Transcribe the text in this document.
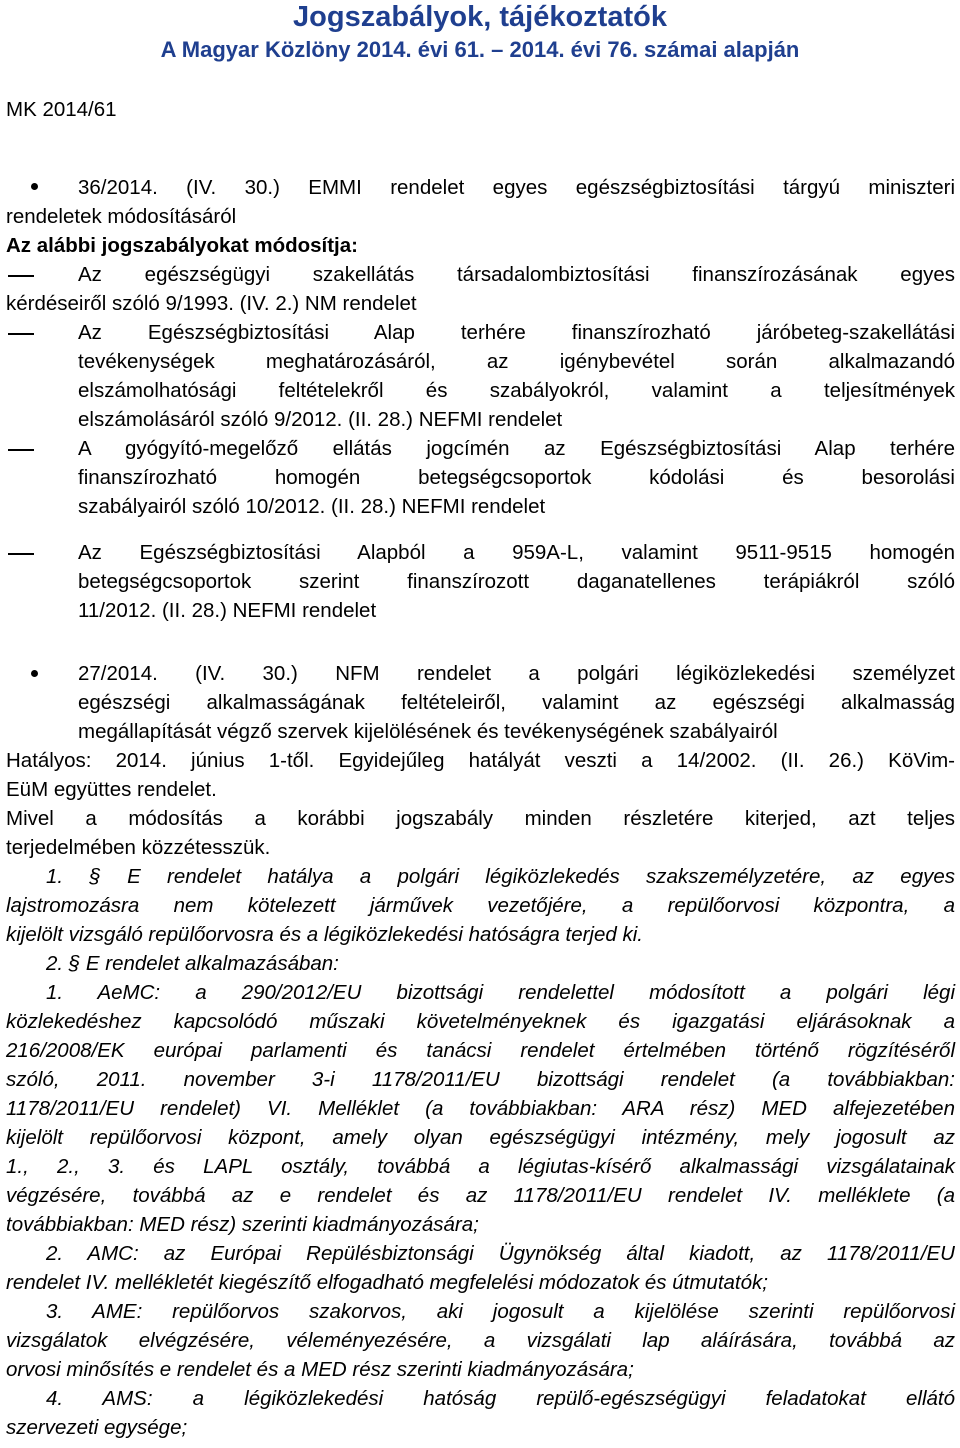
Jogszabályok, tájékoztatók
A Magyar Közlöny 2014. évi 61. – 2014. évi 76. számai alapján
MK 2014/61
36/2014. (IV. 30.) EMMI rendelet egyes egészségbiztosítási tárgyú miniszteri
rendeletek módosításáról
Az alábbi jogszabályokat módosítja:
Az egészségügyi szakellátás társadalombiztosítási finanszírozásának egyes
kérdéseiről szóló 9/1993. (IV. 2.) NM rendelet
Az Egészségbiztosítási Alap terhére finanszírozható járóbeteg-szakellátási
tevékenységek meghatározásáról, az igénybevétel során alkalmazandó
elszámolhatósági feltételekről és szabályokról, valamint a teljesítmények
elszámolásáról szóló 9/2012. (II. 28.) NEFMI rendelet
A gyógyító-megelőző ellátás jogcímén az Egészségbiztosítási Alap terhére
finanszírozható homogén betegségcsoportok kódolási és besorolási
szabályairól szóló 10/2012. (II. 28.) NEFMI rendelet
Az Egészségbiztosítási Alapból a 959A-L, valamint 9511-9515 homogén
betegségcsoportok szerint finanszírozott daganatellenes terápiákról szóló
11/2012. (II. 28.) NEFMI rendelet
27/2014. (IV. 30.) NFM rendelet a polgári légiközlekedési személyzet
egészségi alkalmasságának feltételeiről, valamint az egészségi alkalmasság
megállapítását végző szervek kijelölésének és tevékenységének szabályairól
Hatályos: 2014. június 1-től. Egyidejűleg hatályát veszti a 14/2002. (II. 26.) KöVim-
EüM együttes rendelet.
Mivel a módosítás a korábbi jogszabály minden részletére kiterjed, azt teljes
terjedelmében közzétesszük.
1. § E rendelet hatálya a polgári légiközlekedés szakszemélyzetére, az egyes
lajstromozásra nem kötelezett járművek vezetőjére, a repülőorvosi központra, a
kijelölt vizsgáló repülőorvosra és a légiközlekedési hatóságra terjed ki.
2. § E rendelet alkalmazásában:
1. AeMC: a 290/2012/EU bizottsági rendelettel módosított a polgári légi
közlekedéshez kapcsolódó műszaki követelményeknek és igazgatási eljárásoknak a
216/2008/EK európai parlamenti és tanácsi rendelet értelmében történő rögzítéséről
szóló, 2011. november 3-i 1178/2011/EU bizottsági rendelet (a továbbiakban:
1178/2011/EU rendelet) VI. Melléklet (a továbbiakban: ARA rész) MED alfejezetében
kijelölt repülőorvosi központ, amely olyan egészségügyi intézmény, mely jogosult az
1., 2., 3. és LAPL osztály, továbbá a légiutas-kísérő alkalmassági vizsgálatainak
végzésére, továbbá az e rendelet és az 1178/2011/EU rendelet IV. melléklete (a
továbbiakban: MED rész) szerinti kiadmányozására;
2. AMC: az Európai Repülésbiztonsági Ügynökség által kiadott, az 1178/2011/EU
rendelet IV. mellékletét kiegészítő elfogadható megfelelési módozatok és útmutatók;
3. AME: repülőorvos szakorvos, aki jogosult a kijelölése szerinti repülőorvosi
vizsgálatok elvégzésére, véleményezésére, a vizsgálati lap aláírására, továbbá az
orvosi minősítés e rendelet és a MED rész szerinti kiadmányozására;
4. AMS: a légiközlekedési hatóság repülő-egészségügyi feladatokat ellátó
szervezeti egysége;
